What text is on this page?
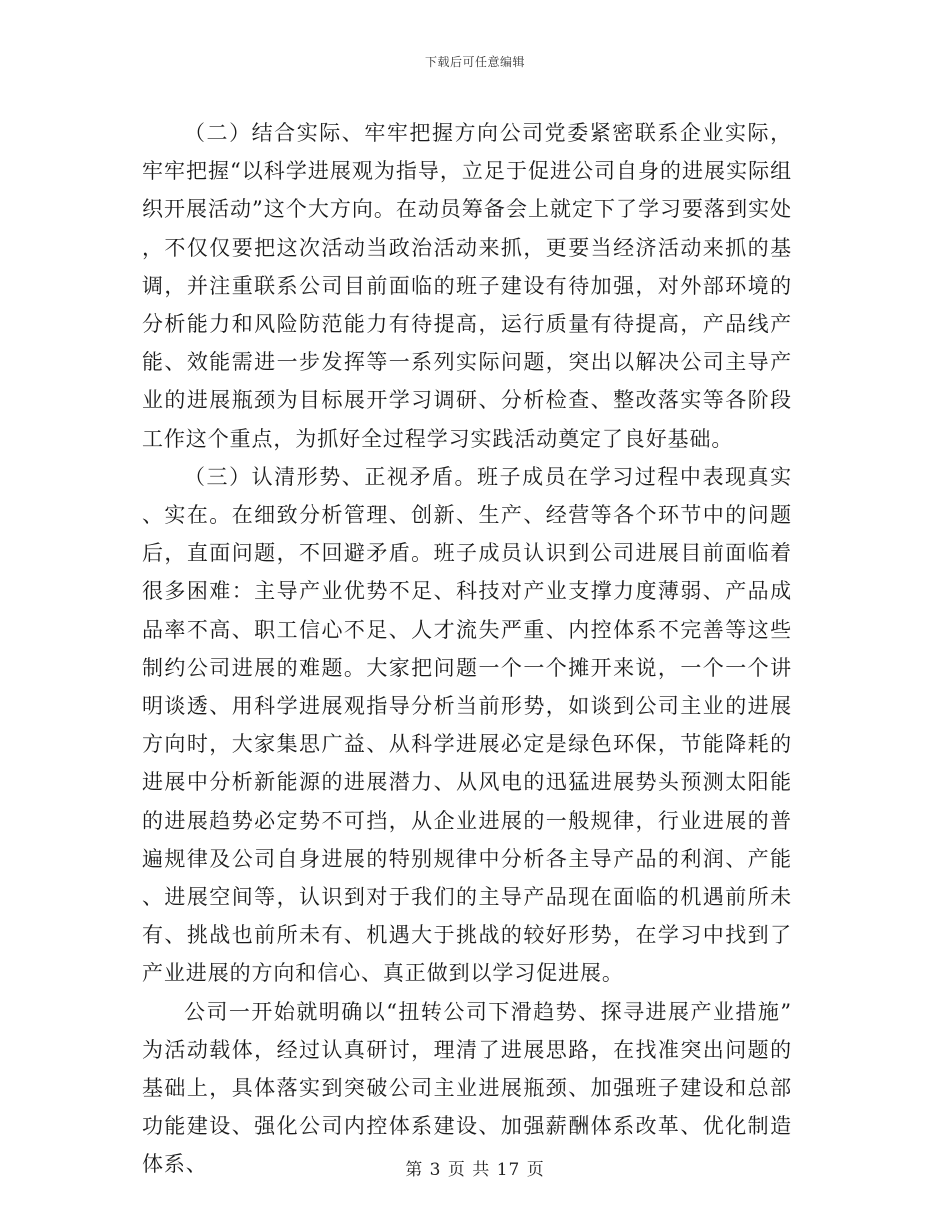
下载后可任意编辑

（二）结合实际、牢牢把握方向公司党委紧密联系企业实际，牢牢把握“以科学进展观为指导，立足于促进公司自身的进展实际组织开展活动”这个大方向。在动员筹备会上就定下了学习要落到实处，不仅仅要把这次活动当政治活动来抓，更要当经济活动来抓的基调，并注重联系公司目前面临的班子建设有待加强，对外部环境的分析能力和风险防范能力有待提高，运行质量有待提高，产品线产能、效能需进一步发挥等一系列实际问题，突出以解决公司主导产业的进展瓶颈为目标展开学习调研、分析检查、整改落实等各阶段工作这个重点，为抓好全过程学习实践活动奠定了良好基础。

（三）认清形势、正视矛盾。班子成员在学习过程中表现真实、实在。在细致分析管理、创新、生产、经营等各个环节中的问题后，直面问题，不回避矛盾。班子成员认识到公司进展目前面临着很多困难：主导产业优势不足、科技对产业支撑力度薄弱、产品成品率不高、职工信心不足、人才流失严重、内控体系不完善等这些制约公司进展的难题。大家把问题一个一个摊开来说，一个一个讲明谈透、用科学进展观指导分析当前形势，如谈到公司主业的进展方向时，大家集思广益、从科学进展必定是绿色环保，节能降耗的进展中分析新能源的进展潜力、从风电的迅猛进展势头预测太阳能的进展趋势必定势不可挡，从企业进展的一般规律，行业进展的普遍规律及公司自身进展的特别规律中分析各主导产品的利润、产能、进展空间等，认识到对于我们的主导产品现在面临的机遇前所未有、挑战也前所未有、机遇大于挑战的较好形势，在学习中找到了产业进展的方向和信心、真正做到以学习促进展。

公司一开始就明确以“扭转公司下滑趋势、探寻进展产业措施”为活动载体，经过认真研讨，理清了进展思路，在找准突出问题的基础上，具体落实到突破公司主业进展瓶颈、加强班子建设和总部功能建设、强化公司内控体系建设、加强薪酬体系改革、优化制造体系、	第 3 页 共 17 页
